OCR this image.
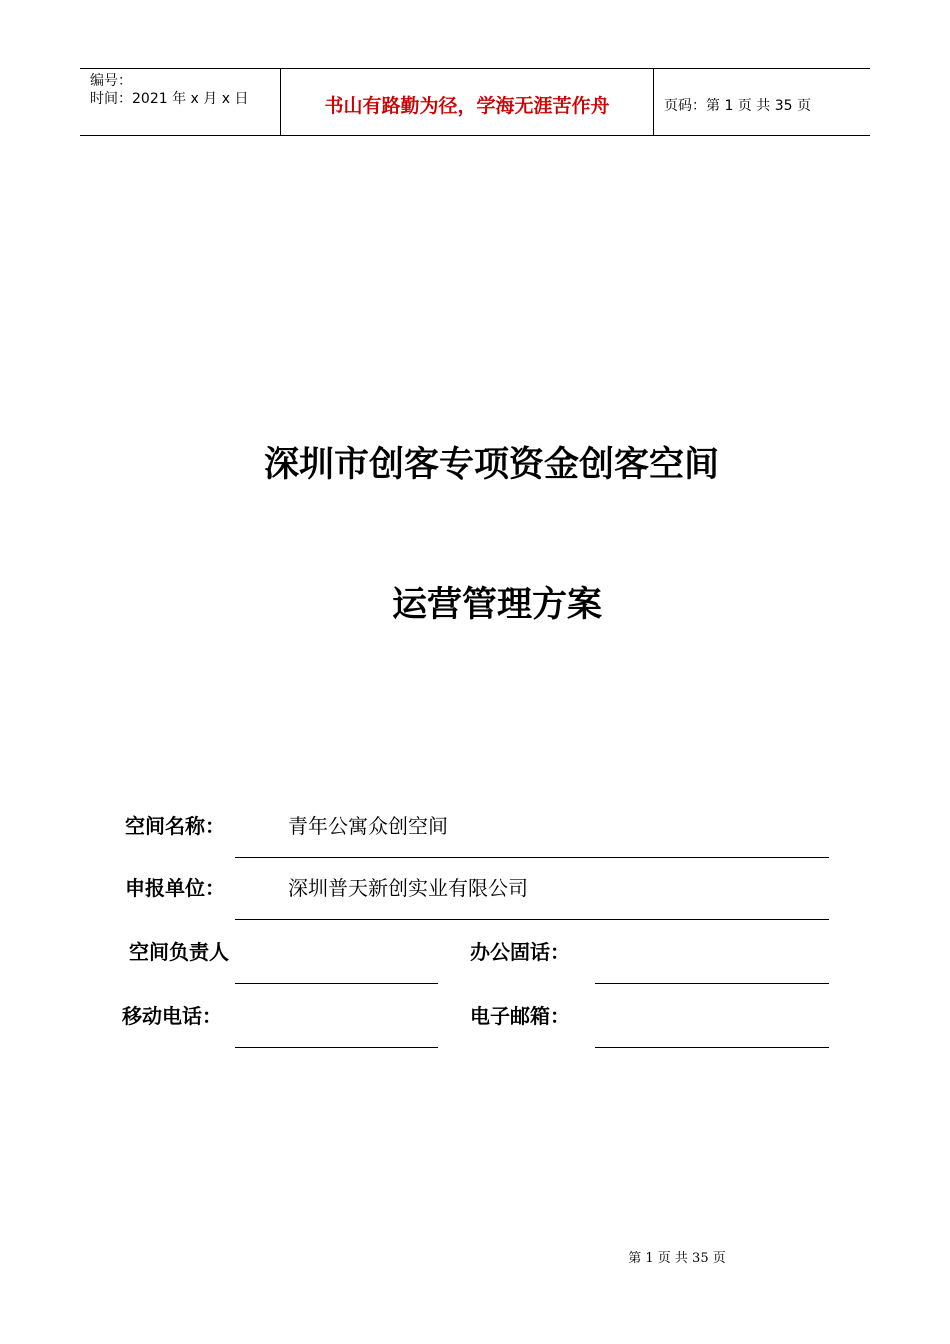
编号：
时间：2021 年 x 月 x 日	书山有路勤为径，学海无涯苦作舟	页码：第 1 页 共 35 页
深圳市创客专项资金创客空间
运营管理方案
空间名称：	青年公寓众创空间
申报单位：	深圳普天新创实业有限公司
空间负责人	办公固话：
移动电话：	电子邮箱：
第 1 页 共 35 页
